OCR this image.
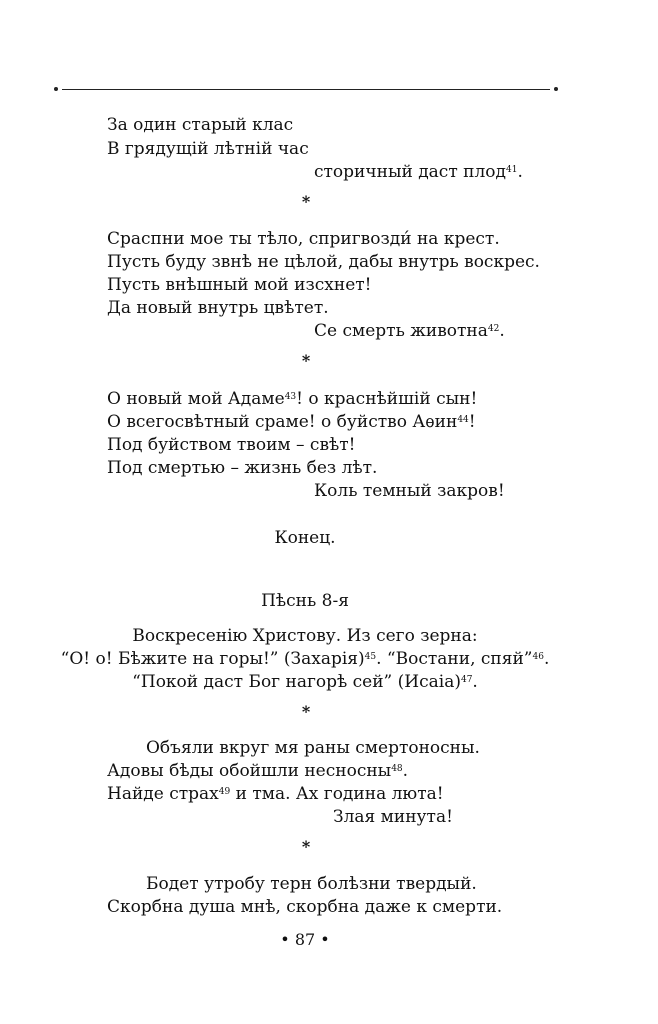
За один старый клас
В грядущій лѣтній час
сторичный даст плод$^{41}$.
*
Сраспни мое ты тѣло, спригвозди́ на крест.
Пусть буду звнѣ не цѣлой, дабы внутрь воскрес.
Пусть внѣшный мой изсхнет!
Да новый внутрь цвѣтет.
Се смерть животна$^{42}$.
*
О новый мой Адаме$^{43}$! о краснѣйшій сын!
О всегосвѣтный сраме! о буйство Аѳин$^{44}$!
Под буйством твоим – свѣт!
Под смертью – жизнь без лѣт.
Коль темный закров!
Конец.
Пѣснь 8-я
Воскресенію Христову. Из сего зерна:
“О! о! Бѣжите на горы!” (Захарія)$^{45}$. “Востани, спяй”$^{46}$.
“Покой даст Бог нагорѣ сей” (Исаіа)$^{47}$.
*
Объяли вкруг мя раны смертоносны.
Адовы бѣды обойшли несносны$^{48}$.
Найде страх$^{49}$ и тма. Ах година люта!
Злая минута!
*
Бодет утробу терн болѣзни твердый.
Скорбна душа мнѣ, скорбна даже к смерти.
• 87 •
